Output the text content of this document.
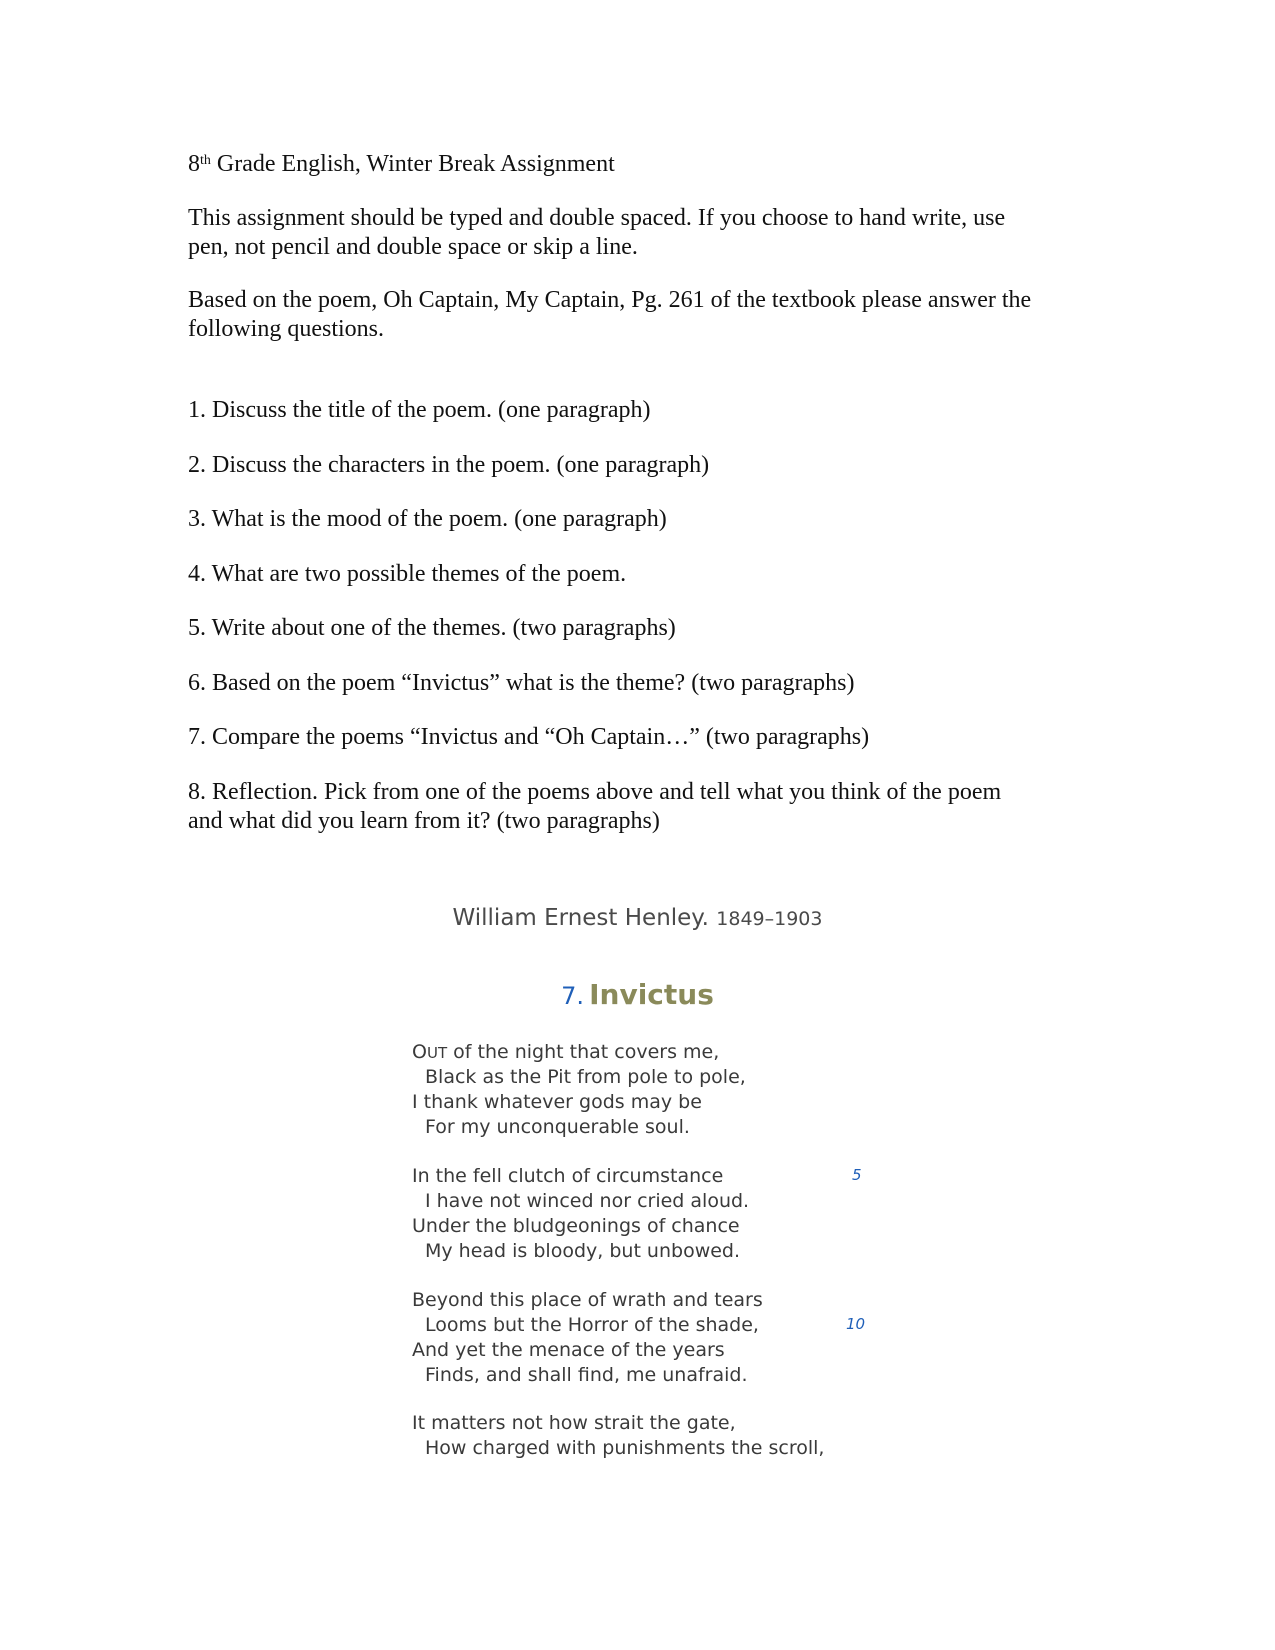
8th Grade English, Winter Break Assignment
This assignment should be typed and double spaced. If you choose to hand write, use
pen, not pencil and double space or skip a line.
Based on the poem, Oh Captain, My Captain, Pg. 261 of the textbook please answer the
following questions.
1. Discuss the title of the poem. (one paragraph)
2. Discuss the characters in the poem. (one paragraph)
3. What is the mood of the poem. (one paragraph)
4. What are two possible themes of the poem.
5. Write about one of the themes. (two paragraphs)
6. Based on the poem “Invictus” what is the theme? (two paragraphs)
7. Compare the poems “Invictus and “Oh Captain…” (two paragraphs)
8. Reflection. Pick from one of the poems above and tell what you think of the poem
and what did you learn from it? (two paragraphs)
William Ernest Henley. 1849–1903
7. Invictus
OUT of the night that covers me,
Black as the Pit from pole to pole,
I thank whatever gods may be
For my unconquerable soul.
In the fell clutch of circumstance
I have not winced nor cried aloud.
Under the bludgeonings of chance
My head is bloody, but unbowed.
Beyond this place of wrath and tears
Looms but the Horror of the shade,
And yet the menace of the years
Finds, and shall find, me unafraid.
It matters not how strait the gate,
How charged with punishments the scroll,
5
10
